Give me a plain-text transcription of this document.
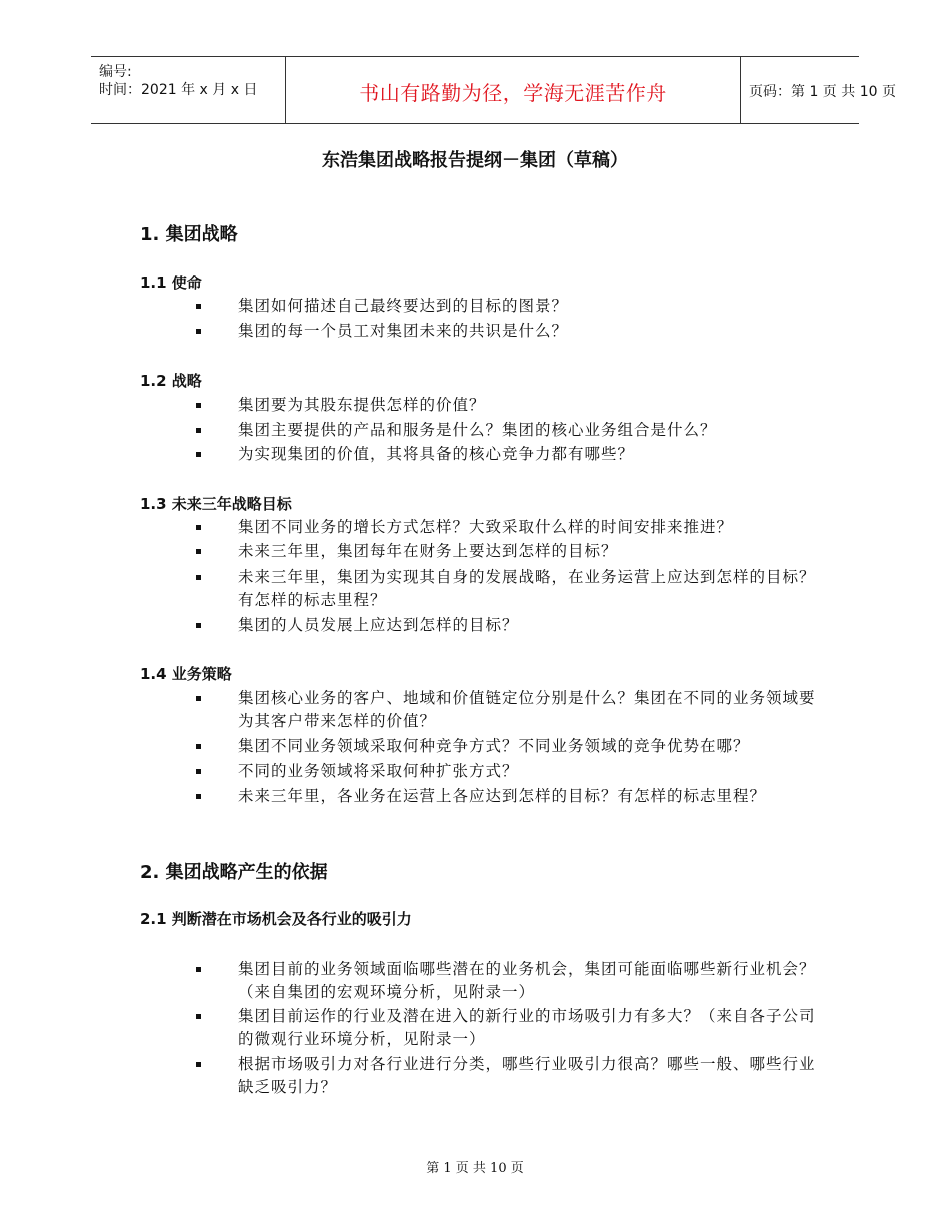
编号:
时间：2021 年 x 月 x 日	书山有路勤为径，学海无涯苦作舟	页码：第 1 页 共 10 页
东浩集团战略报告提纲－集团（草稿）
1. 集团战略
1.1 使命
集团如何描述自己最终要达到的目标的图景？
集团的每一个员工对集团未来的共识是什么？
1.2 战略
集团要为其股东提供怎样的价值？
集团主要提供的产品和服务是什么？集团的核心业务组合是什么？
为实现集团的价值，其将具备的核心竞争力都有哪些？
1.3 未来三年战略目标
集团不同业务的增长方式怎样？大致采取什么样的时间安排来推进？
未来三年里，集团每年在财务上要达到怎样的目标？
未来三年里，集团为实现其自身的发展战略，在业务运营上应达到怎样的目标？有怎样的标志里程？
集团的人员发展上应达到怎样的目标？
1.4 业务策略
集团核心业务的客户、地域和价值链定位分别是什么？集团在不同的业务领域要为其客户带来怎样的价值？
集团不同业务领域采取何种竞争方式？不同业务领域的竞争优势在哪？
不同的业务领域将采取何种扩张方式？
未来三年里，各业务在运营上各应达到怎样的目标？有怎样的标志里程？
2. 集团战略产生的依据
2.1 判断潜在市场机会及各行业的吸引力
集团目前的业务领域面临哪些潜在的业务机会，集团可能面临哪些新行业机会？（来自集团的宏观环境分析，见附录一）
集团目前运作的行业及潜在进入的新行业的市场吸引力有多大？（来自各子公司的微观行业环境分析，见附录一）
根据市场吸引力对各行业进行分类，哪些行业吸引力很高？哪些一般、哪些行业缺乏吸引力？
第 1 页 共 10 页
